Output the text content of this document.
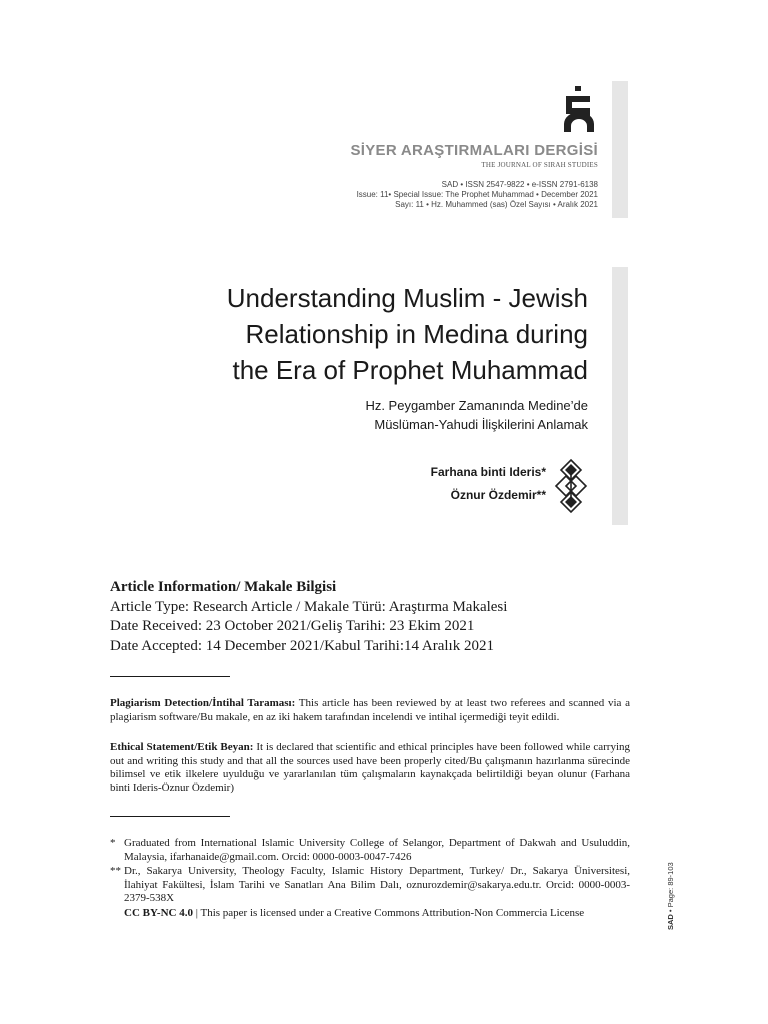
SİYER ARAŞTIRMALARI DERGİSİ
THE JOURNAL OF SIRAH STUDIES
SAD • ISSN 2547-9822 • e-ISSN 2791-6138
Issue: 11• Special Issue: The Prophet Muhammad • December 2021
Sayı: 11 • Hz. Muhammed (sas) Özel Sayısı • Aralık 2021
Understanding Muslim - Jewish
Relationship in Medina during
the Era of Prophet Muhammad
Hz. Peygamber Zamanında Medine’de
Müslüman-Yahudi İlişkilerini Anlamak
Farhana binti Ideris*
Öznur Özdemir**
Article Information/ Makale Bilgisi
Article Type: Research Article / Makale Türü: Araştırma Makalesi
Date Received: 23 October 2021/Geliş Tarihi: 23 Ekim 2021
Date Accepted: 14 December 2021/Kabul Tarihi:14 Aralık 2021

Plagiarism Detection/İntihal Taraması: This article has been reviewed by at least two referees and scanned via a plagiarism software/Bu makale, en az iki hakem tarafından incelendi ve intihal içermediği teyit edildi.

Ethical Statement/Etik Beyan: It is declared that scientific and ethical principles have been followed while carrying out and writing this study and that all the sources used have been properly cited/Bu çalışmanın hazırlanma sürecinde bilimsel ve etik ilkelere uyulduğu ve yararlanılan tüm çalışmaların kaynakçada belirtildiği beyan olunur (Farhana binti Ideris-Öznur Özdemir)

* Graduated from International Islamic University College of Selangor, Department of Dakwah and Usuluddin, Malaysia, ifarhanaide@gmail.com. Orcid: 0000-0003-0047-7426

** Dr., Sakarya University, Theology Faculty, Islamic History Department, Turkey/ Dr., Sakarya Üniversitesi, İlahiyat Fakültesi, İslam Tarihi ve Sanatları Ana Bilim Dalı, oznurozdemir@sakarya.edu.tr. Orcid: 0000-0003-2379-538X

CC BY-NC 4.0 | This paper is licensed under a Creative Commons Attribution-Non Commercia License

SAD • Page: 89-103
